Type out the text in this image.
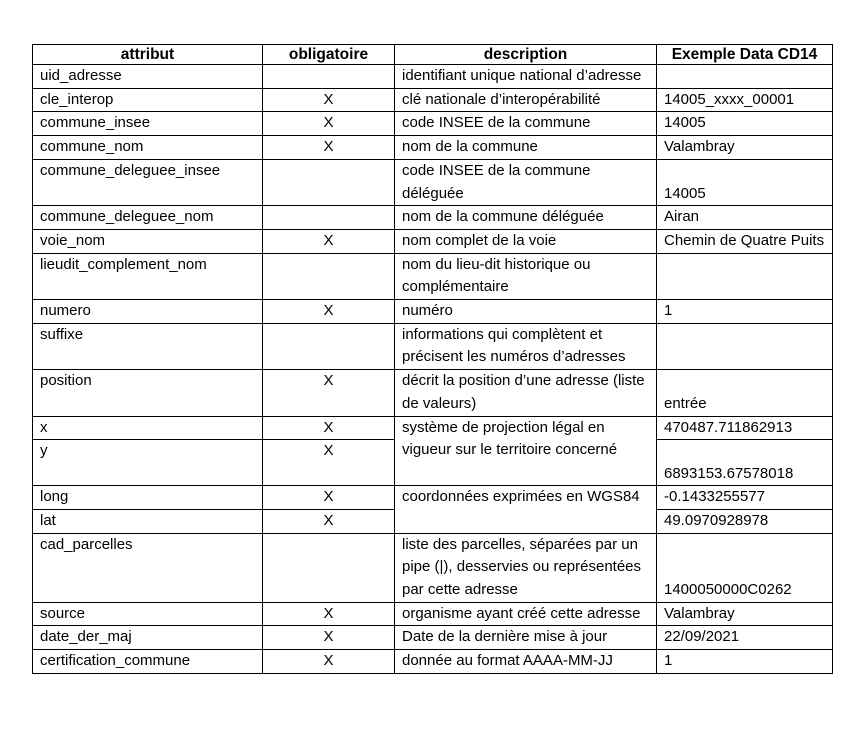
attribut	obligatoire	description	Exemple Data CD14
uid_adresse		identifiant unique national d’adresse	
cle_interop	X	clé nationale d’interopérabilité	14005_xxxx_00001
commune_insee	X	code INSEE de la commune	14005
commune_nom	X	nom de la commune	Valambray
commune_deleguee_insee		code INSEE de la commune déléguée	14005
commune_deleguee_nom		nom de la commune déléguée	Airan
voie_nom	X	nom complet de la voie	Chemin de Quatre Puits
lieudit_complement_nom		nom du lieu-dit historique ou complémentaire	
numero	X	numéro	1
suffixe		informations qui complètent et précisent les numéros d’adresses	
position	X	décrit la position d’une adresse (liste de valeurs)	entrée
x	X	système de projection légal en vigueur sur le territoire concerné	470487.711862913
y	X		6893153.67578018
long	X	coordonnées exprimées en WGS84	-0.1433255577
lat	X		49.0970928978
cad_parcelles		liste des parcelles, séparées par un pipe (|), desservies ou représentées par cette adresse	1400050000C0262
source	X	organisme ayant créé cette adresse	Valambray
date_der_maj	X	Date de la dernière mise à jour	22/09/2021
certification_commune	X	donnée au format AAAA-MM-JJ	1
